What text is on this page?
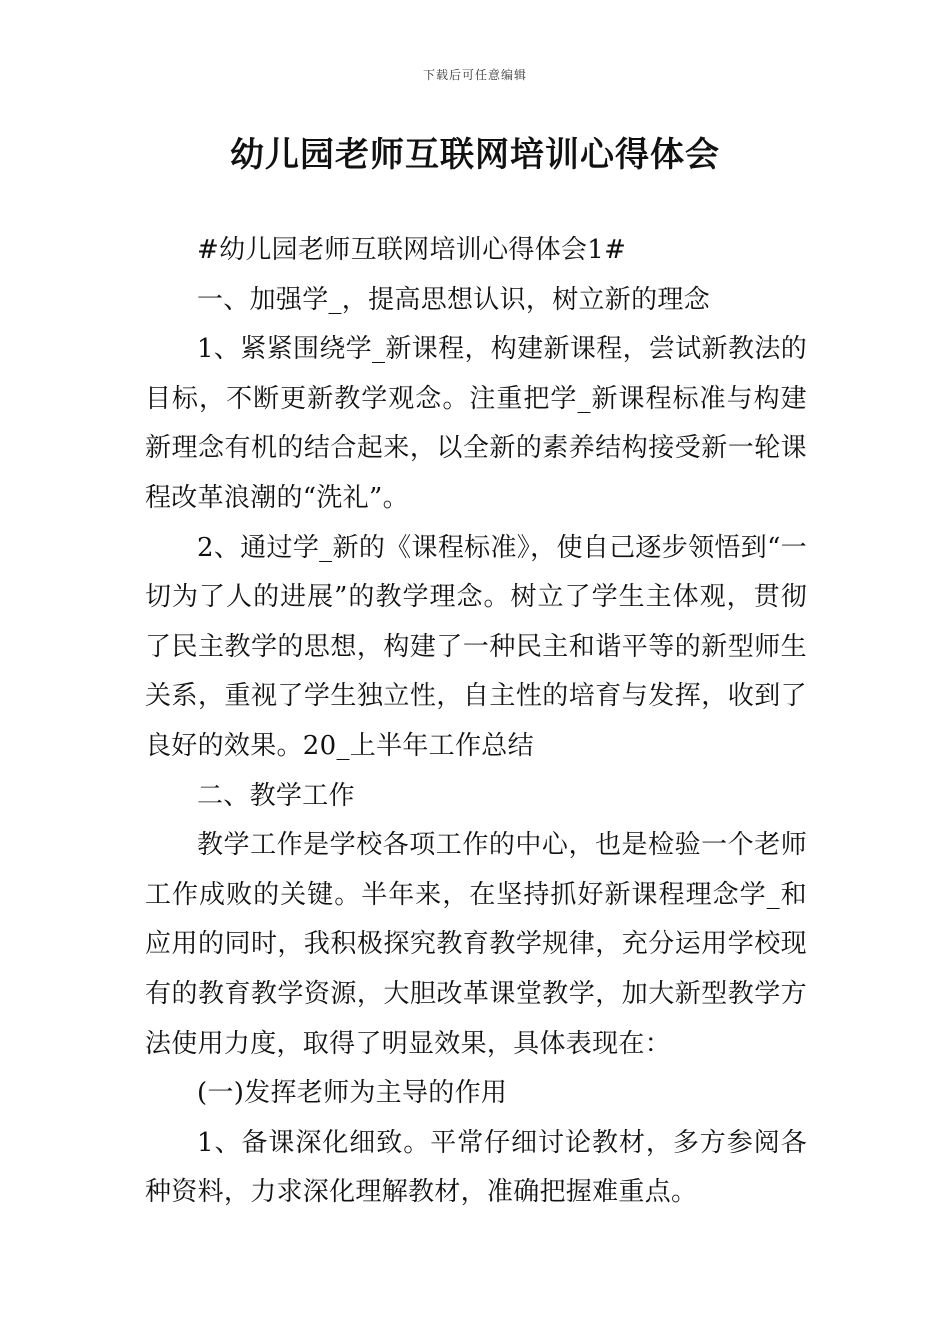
下载后可任意编辑
幼儿园老师互联网培训心得体会

#幼儿园老师互联网培训心得体会1#

一、加强学_，提高思想认识，树立新的理念

1、紧紧围绕学_新课程，构建新课程，尝试新教法的目标，不断更新教学观念。注重把学_新课程标准与构建新理念有机的结合起来，以全新的素养结构接受新一轮课程改革浪潮的“洗礼”。

2、通过学_新的《课程标准》，使自己逐步领悟到“一切为了人的进展”的教学理念。树立了学生主体观，贯彻了民主教学的思想，构建了一种民主和谐平等的新型师生关系，重视了学生独立性，自主性的培育与发挥，收到了良好的效果。20_上半年工作总结

二、教学工作

教学工作是学校各项工作的中心，也是检验一个老师工作成败的关键。半年来，在坚持抓好新课程理念学_和应用的同时，我积极探究教育教学规律，充分运用学校现有的教育教学资源，大胆改革课堂教学，加大新型教学方法使用力度，取得了明显效果，具体表现在：

(一)发挥老师为主导的作用

1、备课深化细致。平常仔细讨论教材，多方参阅各种资料，力求深化理解教材，准确把握难重点。
